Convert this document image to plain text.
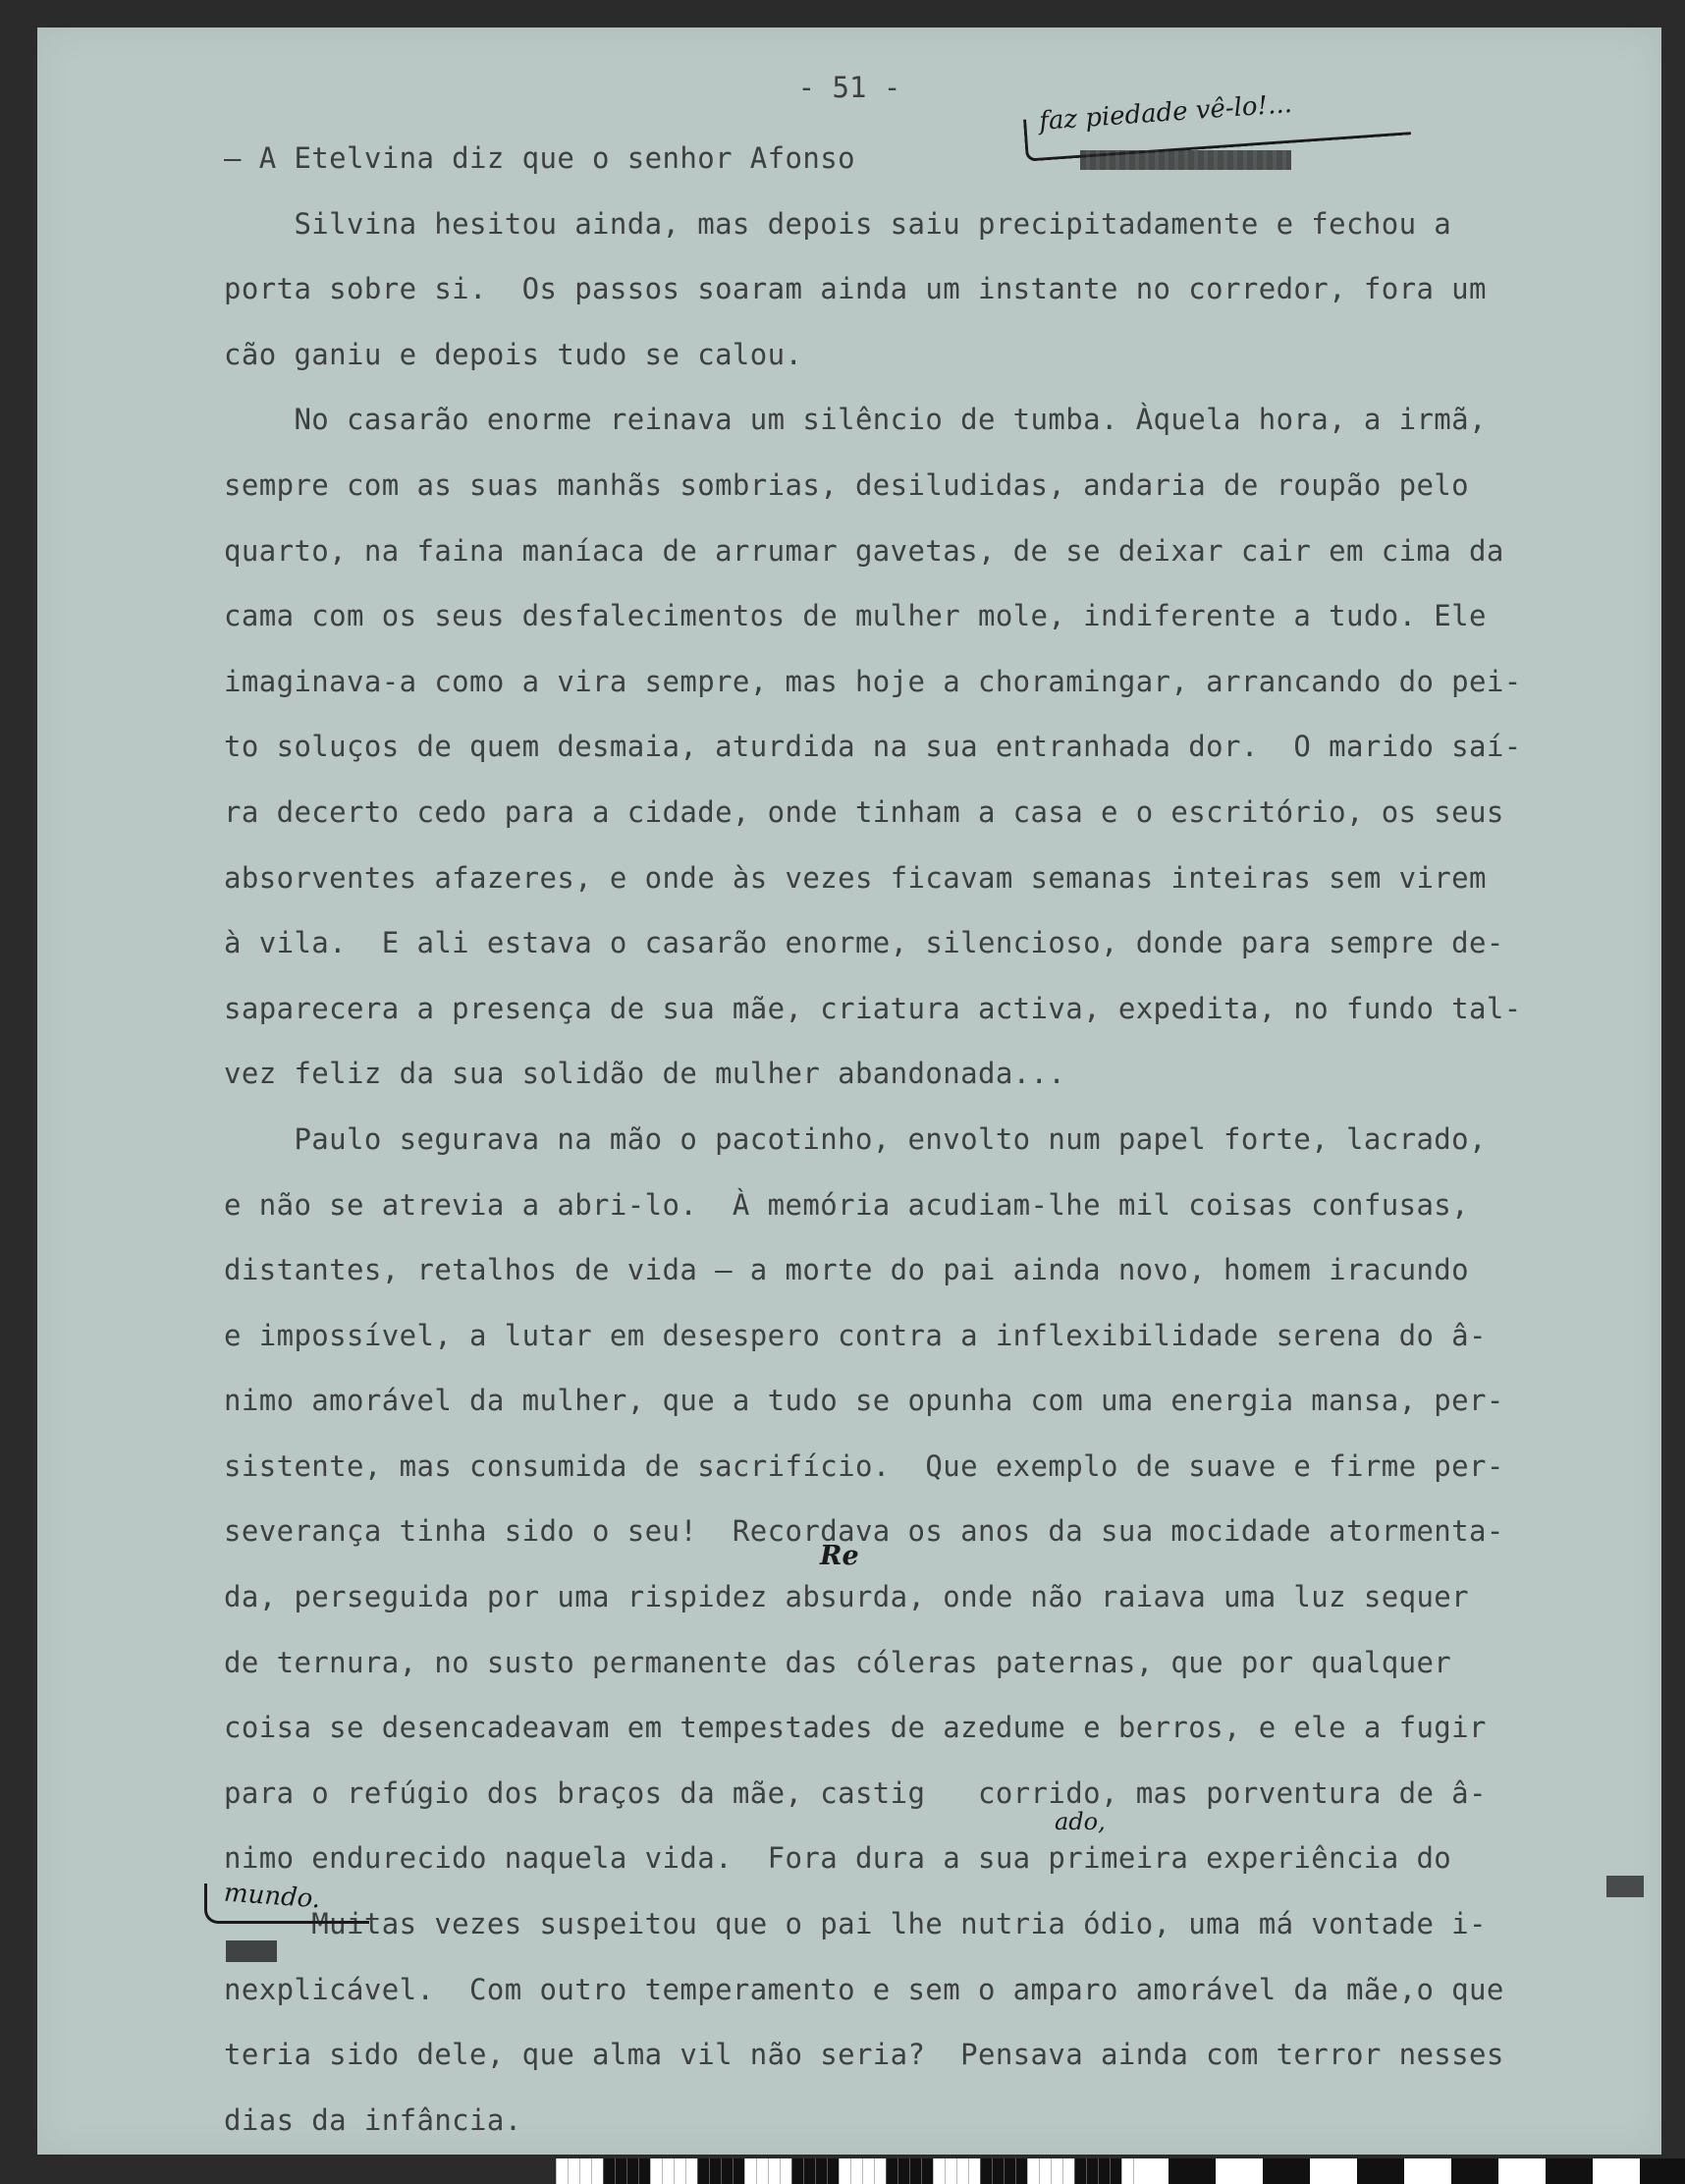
- 51 -
faz piedade vê-lo!...
— A Etelvina diz que o senhor Afonso
Silvina hesitou ainda, mas depois saiu precipitadamente e fechou a
porta sobre si.  Os passos soaram ainda um instante no corredor, fora um
cão ganiu e depois tudo se calou.
No casarão enorme reinava um silêncio de tumba. Àquela hora, a irmã,
sempre com as suas manhãs sombrias, desiludidas, andaria de roupão pelo
quarto, na faina maníaca de arrumar gavetas, de se deixar cair em cima da
cama com os seus desfalecimentos de mulher mole, indiferente a tudo. Ele
imaginava-a como a vira sempre, mas hoje a choramingar, arrancando do pei-
to soluços de quem desmaia, aturdida na sua entranhada dor.  O marido saí-
ra decerto cedo para a cidade, onde tinham a casa e o escritório, os seus
absorventes afazeres, e onde às vezes ficavam semanas inteiras sem virem
à vila.  E ali estava o casarão enorme, silencioso, donde para sempre de-
saparecera a presença de sua mãe, criatura activa, expedita, no fundo tal-
vez feliz da sua solidão de mulher abandonada...
Paulo segurava na mão o pacotinho, envolto num papel forte, lacrado,
e não se atrevia a abri-lo.  À memória acudiam-lhe mil coisas confusas,
distantes, retalhos de vida — a morte do pai ainda novo, homem iracundo
e impossível, a lutar em desespero contra a inflexibilidade serena do â-
nimo amorável da mulher, que a tudo se opunha com uma energia mansa, per-
sistente, mas consumida de sacrifício.  Que exemplo de suave e firme per-
severança tinha sido o seu!  Recordava os anos da sua mocidade atormenta-
da, perseguida por uma rispidez absurda, onde não raiava uma luz sequer
de ternura, no susto permanente das cóleras paternas, que por qualquer
coisa se desencadeavam em tempestades de azedume e berros, e ele a fugir
para o refúgio dos braços da mãe, castig   corrido, mas porventura de â-
nimo endurecido naquela vida.  Fora dura a sua primeira experiência do
Muitas vezes suspeitou que o pai lhe nutria ódio, uma má vontade i-
nexplicável.  Com outro temperamento e sem o amparo amorável da mãe,o que
teria sido dele, que alma vil não seria?  Pensava ainda com terror nesses
dias da infância.
Re
ado,
mundo.
